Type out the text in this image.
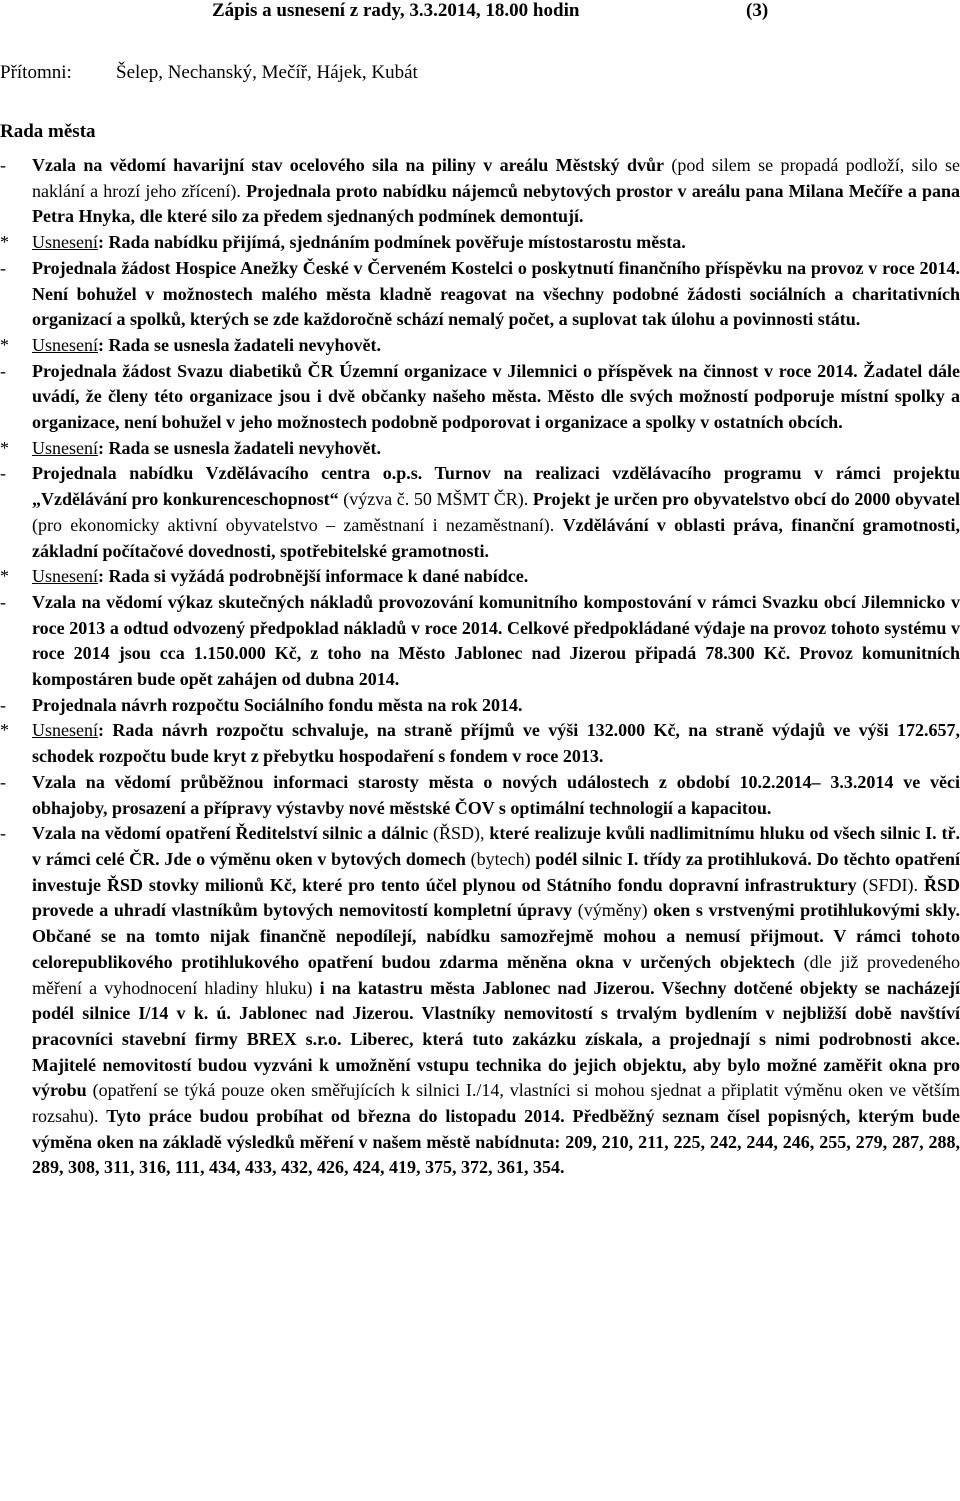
Zápis a usnesení z rady, 3.3.2014, 18.00 hodin	(3)
Přítomni: Šelep, Nechanský, Mečíř, Hájek, Kubát
Rada města
- Vzala na vědomí havarijní stav ocelového sila na piliny v areálu Městský dvůr (pod silem se propadá podloží, silo se naklání a hrozí jeho zřícení). Projednala proto nabídku nájemců nebytových prostor v areálu pana Milana Mečíře a pana Petra Hnyka, dle které silo za předem sjednaných podmínek demontují.
* Usnesení: Rada nabídku přijímá, sjednáním podmínek pověřuje místostarostu města.
- Projednala žádost Hospice Anežky České v Červeném Kostelci o poskytnutí finančního příspěvku na provoz v roce 2014. Není bohužel v možnostech malého města kladně reagovat na všechny podobné žádosti sociálních a charitativních organizací a spolků, kterých se zde každoročně schází nemalý počet, a suplovat tak úlohu a povinnosti státu.
* Usnesení: Rada se usnesla žadateli nevyhovět.
- Projednala žádost Svazu diabetiků ČR Územní organizace v Jilemnici o příspěvek na činnost v roce 2014. Žadatel dále uvádí, že členy této organizace jsou i dvě občanky našeho města. Město dle svých možností podporuje místní spolky a organizace, není bohužel v jeho možnostech podobně podporovat i organizace a spolky v ostatních obcích.
* Usnesení: Rada se usnesla žadateli nevyhovět.
- Projednala nabídku Vzdělávacího centra o.p.s. Turnov na realizaci vzdělávacího programu v rámci projektu „Vzdělávání pro konkurenceschopnost“ (výzva č. 50 MŠMT ČR). Projekt je určen pro obyvatelstvo obcí do 2000 obyvatel (pro ekonomicky aktivní obyvatelstvo – zaměstnaní i nezaměstnaní). Vzdělávání v oblasti práva, finanční gramotnosti, základní počítačové dovednosti, spotřebitelské gramotnosti.
* Usnesení: Rada si vyžádá podrobnější informace k dané nabídce.
- Vzala na vědomí výkaz skutečných nákladů provozování komunitního kompostování v rámci Svazku obcí Jilemnicko v roce 2013 a odtud odvozený předpoklad nákladů v roce 2014. Celkové předpokládané výdaje na provoz tohoto systému v roce 2014 jsou cca 1.150.000 Kč, z toho na Město Jablonec nad Jizerou připadá 78.300 Kč. Provoz komunitních kompostáren bude opět zahájen od dubna 2014.
- Projednala návrh rozpočtu Sociálního fondu města na rok 2014.
* Usnesení: Rada návrh rozpočtu schvaluje, na straně příjmů ve výši 132.000 Kč, na straně výdajů ve výši 172.657, schodek rozpočtu bude kryt z přebytku hospodaření s fondem v roce 2013.
- Vzala na vědomí průběžnou informaci starosty města o nových událostech z období 10.2.2014– 3.3.2014 ve věci obhajoby, prosazení a přípravy výstavby nové městské ČOV s optimální technologií a kapacitou.
- Vzala na vědomí opatření Ředitelství silnic a dálnic (ŘSD), které realizuje kvůli nadlimitnímu hluku od všech silnic I. tř. v rámci celé ČR. Jde o výměnu oken v bytových domech (bytech) podél silnic I. třídy za protihluková. Do těchto opatření investuje ŘSD stovky milionů Kč, které pro tento účel plynou od Státního fondu dopravní infrastruktury (SFDI). ŘSD provede a uhradí vlastníkům bytových nemovitostí kompletní úpravy (výměny) oken s vrstvenými protihlukovými skly. Občané se na tomto nijak finančně nepodílejí, nabídku samozřejmě mohou a nemusí přijmout. V rámci tohoto celorepublikového protihlukového opatření budou zdarma měněna okna v určených objektech (dle již provedeného měření a vyhodnocení hladiny hluku) i na katastru města Jablonec nad Jizerou. Všechny dotčené objekty se nacházejí podél silnice I/14 v k. ú. Jablonec nad Jizerou. Vlastníky nemovitostí s trvalým bydlením v nejbližší době navštíví pracovníci stavební firmy BREX s.r.o. Liberec, která tuto zakázku získala, a projednají s nimi podrobnosti akce. Majitelé nemovitostí budou vyzváni k umožnění vstupu technika do jejich objektu, aby bylo možné zaměřit okna pro výrobu (opatření se týká pouze oken směřujících k silnici I./14, vlastníci si mohou sjednat a připlatit výměnu oken ve větším rozsahu). Tyto práce budou probíhat od března do listopadu 2014. Předběžný seznam čísel popisných, kterým bude výměna oken na základě výsledků měření v našem městě nabídnuta: 209, 210, 211, 225, 242, 244, 246, 255, 279, 287, 288, 289, 308, 311, 316, 111, 434, 433, 432, 426, 424, 419, 375, 372, 361, 354.
